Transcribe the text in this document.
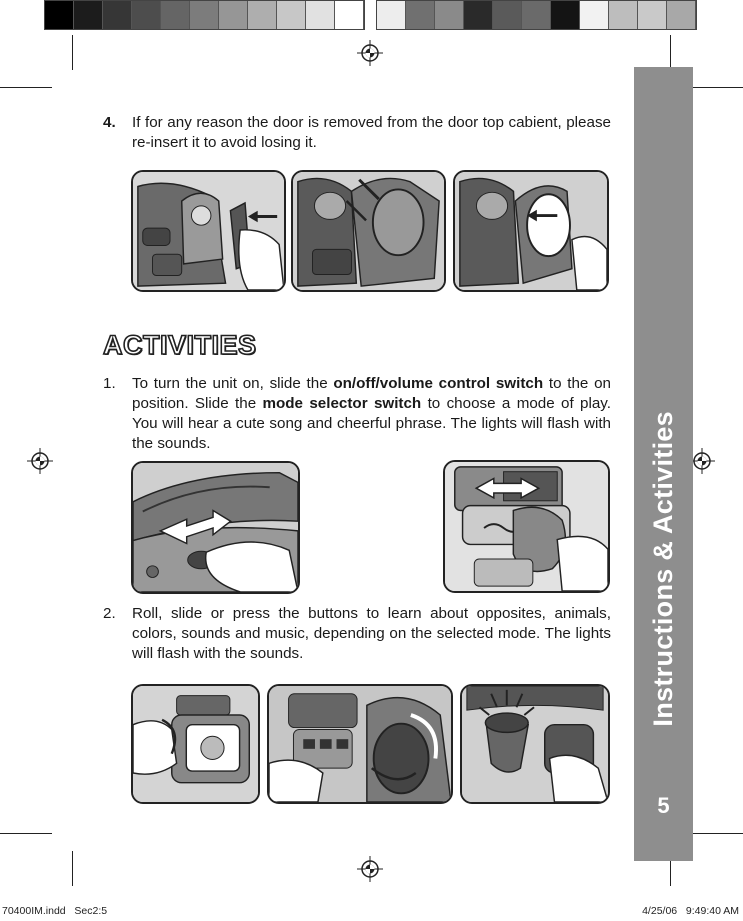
Instructions & Activities
5
4. If for any reason the door is removed from the door top cabient, please re-insert it to avoid losing it.
ACTIVITIES
1. To turn the unit on, slide the on/off/volume control switch to the on position. Slide the mode selector switch to choose a mode of play. You will hear a cute song and cheerful phrase. The lights will flash with the sounds.
2. Roll, slide or press the buttons to learn about opposites, animals, colors, sounds and music, depending on the selected mode. The lights will flash with the sounds.
70400IM.indd   Sec2:5	4/25/06   9:49:40 AM
